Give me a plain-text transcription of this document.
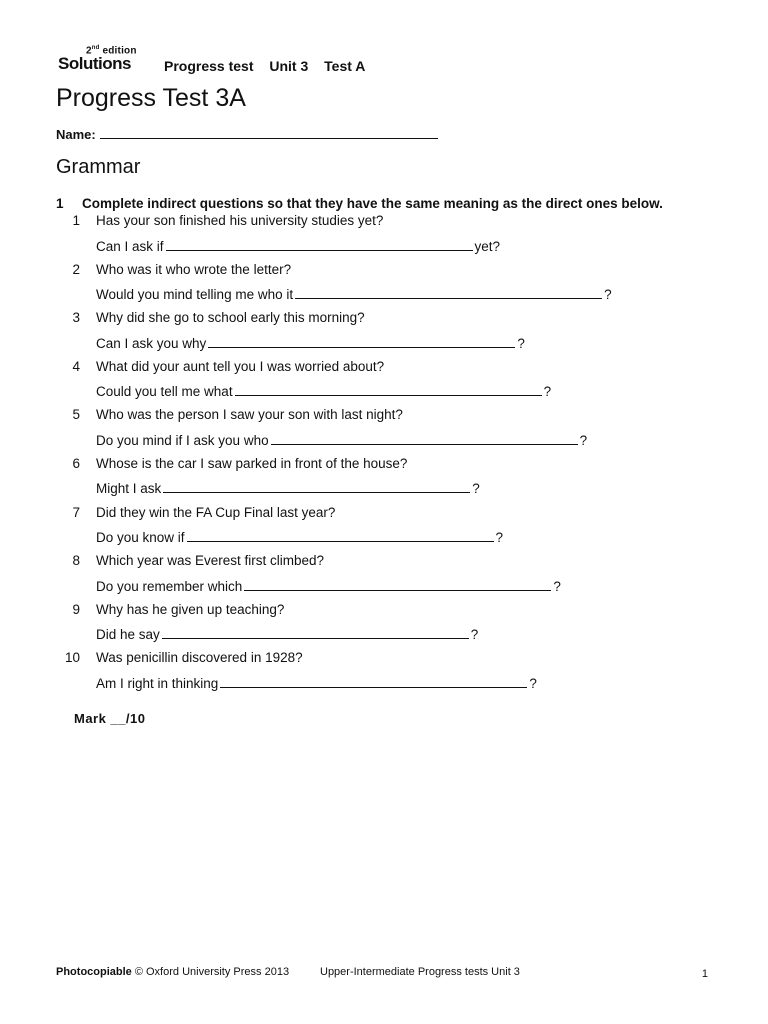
2nd edition
Solutions Progress test Unit 3 Test A
Progress Test 3A
Name:
Grammar
1 Complete indirect questions so that they have the same meaning as the direct ones below.
1 Has your son finished his university studies yet?
Can I ask if	yet?
2 Who was it who wrote the letter?
Would you mind telling me who it	?
3 Why did she go to school early this morning?
Can I ask you why	?
4 What did your aunt tell you I was worried about?
Could you tell me what	?
5 Who was the person I saw your son with last night?
Do you mind if I ask you who	?
6 Whose is the car I saw parked in front of the house?
Might I ask	?
7 Did they win the FA Cup Final last year?
Do you know if	?
8 Which year was Everest first climbed?
Do you remember which	?
9 Why has he given up teaching?
Did he say	?
10 Was penicillin discovered in 1928?
Am I right in thinking	?
Mark __/10
Photocopiable © Oxford University Press 2013	Upper-Intermediate Progress tests Unit 3	1
